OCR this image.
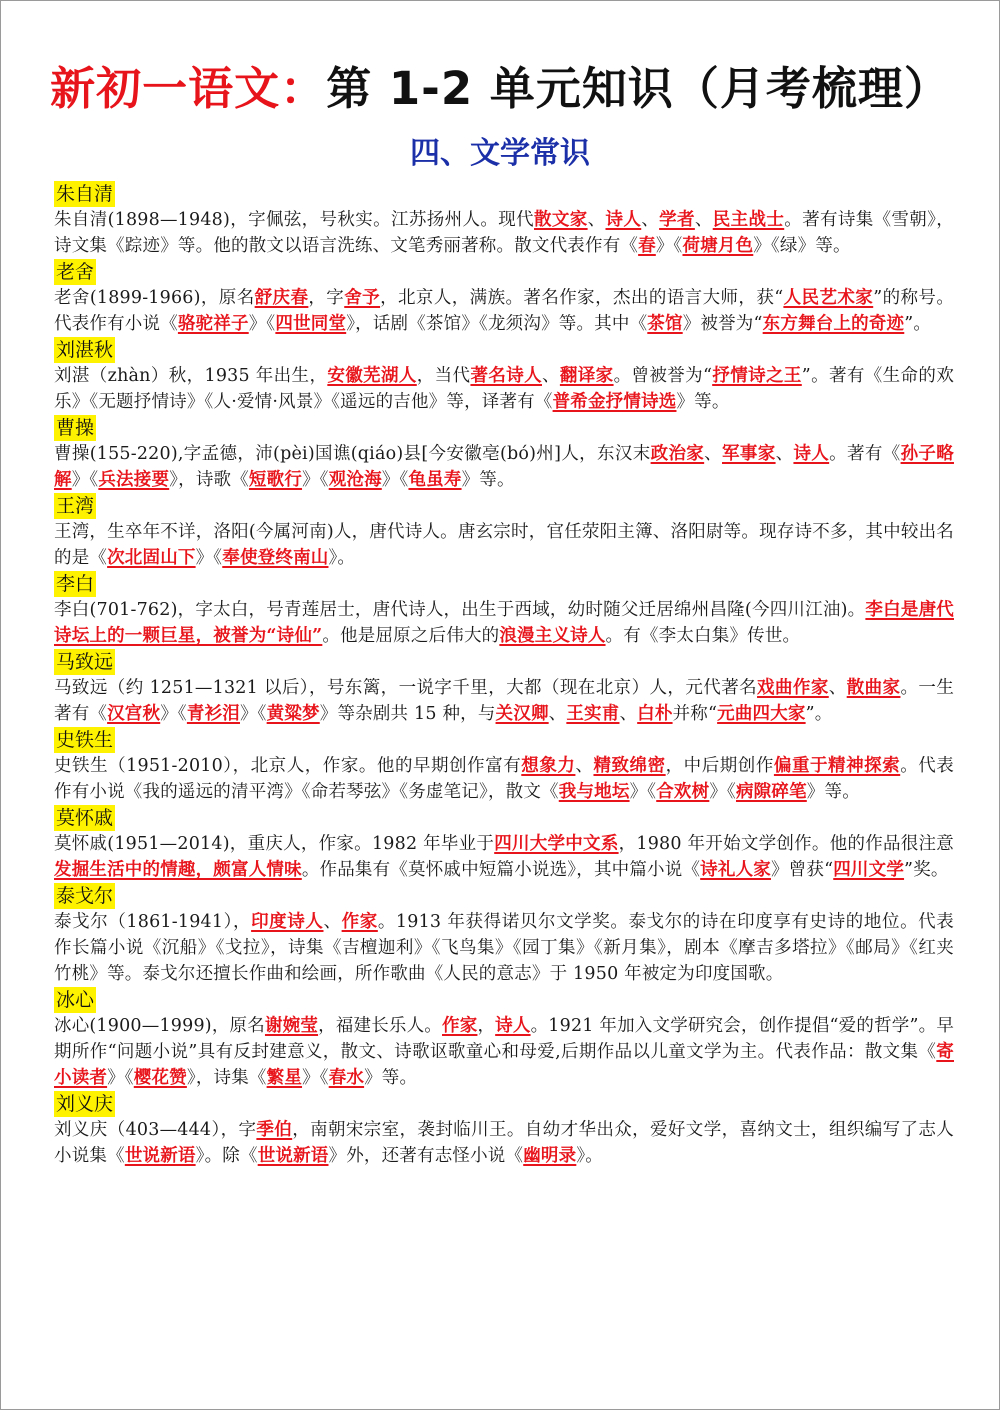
新初一语文：第 1-2 单元知识（月考梳理）
四、文学常识
朱自清

朱自清(1898—1948)，字佩弦，号秋实。江苏扬州人。现代散文家、诗人、学者、民主战士。著有诗集《雪朝》，诗文集《踪迹》等。他的散文以语言洗练、文笔秀丽著称。散文代表作有《春》《荷塘月色》《绿》等。

老舍

老舍(1899-1966)，原名舒庆春，字舍予，北京人，满族。著名作家，杰出的语言大师，获“人民艺术家”的称号。代表作有小说《骆驼祥子》《四世同堂》，话剧《茶馆》《龙须沟》等。其中《茶馆》被誉为“东方舞台上的奇迹”。

刘湛秋

刘湛（zhàn）秋，1935 年出生，安徽芜湖人，当代著名诗人、翻译家。曾被誉为“抒情诗之王”。著有《生命的欢乐》《无题抒情诗》《人·爱情·风景》《遥远的吉他》等，译著有《普希金抒情诗选》等。

曹操

曹操(155-220),字孟德，沛(pèi)国谯(qiáo)县[今安徽亳(bó)州]人，东汉末政治家、军事家、诗人。著有《孙子略解》《兵法接要》，诗歌《短歌行》《观沧海》《龟虽寿》等。

王湾

王湾，生卒年不详，洛阳(今属河南)人，唐代诗人。唐玄宗时，官任荥阳主簿、洛阳尉等。现存诗不多，其中较出名的是《次北固山下》《奉使登终南山》。

李白

李白(701-762)，字太白，号青莲居士，唐代诗人，出生于西域，幼时随父迁居绵州昌隆(今四川江油)。李白是唐代诗坛上的一颗巨星，被誉为“诗仙”。他是屈原之后伟大的浪漫主义诗人。有《李太白集》传世。

马致远

马致远（约 1251—1321 以后），号东篱，一说字千里，大都（现在北京）人，元代著名戏曲作家、散曲家。一生著有《汉宫秋》《青衫泪》《黄粱梦》等杂剧共 15 种，与关汉卿、王实甫、白朴并称“元曲四大家”。

史铁生

史铁生（1951-2010），北京人，作家。他的早期创作富有想象力、精致绵密，中后期创作偏重于精神探索。代表作有小说《我的遥远的清平湾》《命若琴弦》《务虚笔记》，散文《我与地坛》《合欢树》《病隙碎笔》等。

莫怀戚

莫怀戚(1951—2014)，重庆人，作家。1982 年毕业于四川大学中文系，1980 年开始文学创作。他的作品很注意发掘生活中的情趣，颇富人情味。作品集有《莫怀戚中短篇小说选》，其中篇小说《诗礼人家》曾获“四川文学”奖。

泰戈尔

泰戈尔（1861-1941），印度诗人、作家。1913 年获得诺贝尔文学奖。泰戈尔的诗在印度享有史诗的地位。代表作长篇小说《沉船》《戈拉》，诗集《吉檀迦利》《飞鸟集》《园丁集》《新月集》，剧本《摩吉多塔拉》《邮局》《红夹竹桃》等。泰戈尔还擅长作曲和绘画，所作歌曲《人民的意志》于 1950 年被定为印度国歌。

冰心

冰心(1900—1999)，原名谢婉莹，福建长乐人。作家，诗人。1921 年加入文学研究会，创作提倡“爱的哲学”。早期所作“问题小说”具有反封建意义，散文、诗歌讴歌童心和母爱,后期作品以儿童文学为主。代表作品：散文集《寄小读者》《樱花赞》，诗集《繁星》《春水》等。

刘义庆

刘义庆（403—444），字季伯，南朝宋宗室，袭封临川王。自幼才华出众，爱好文学，喜纳文士，组织编写了志人小说集《世说新语》。除《世说新语》外，还著有志怪小说《幽明录》。
